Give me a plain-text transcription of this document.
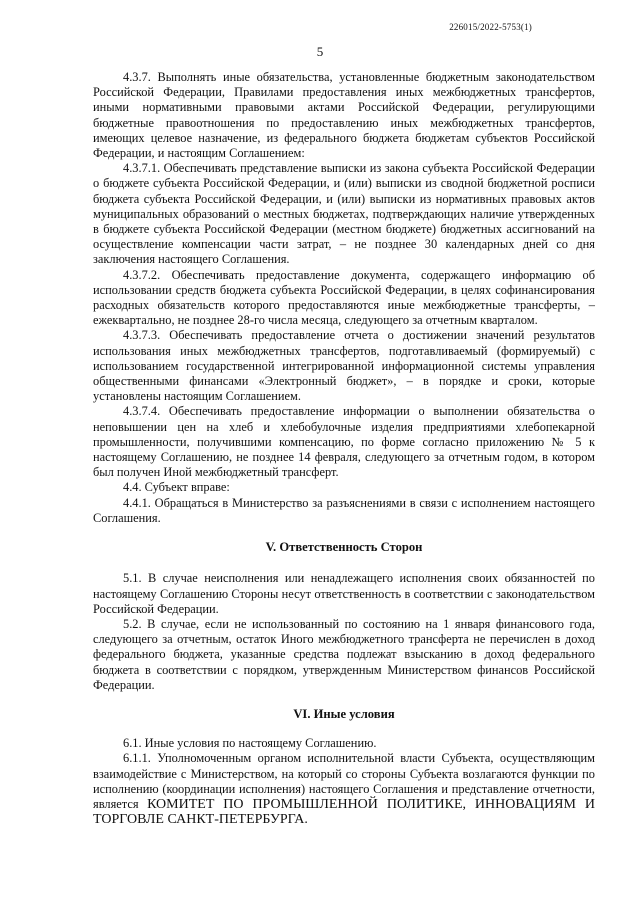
226015/2022-5753(1)
5

4.3.7. Выполнять иные обязательства, установленные бюджетным законодательством Российской Федерации, Правилами предоставления иных межбюджетных трансфертов, иными нормативными правовыми актами Российской Федерации, регулирующими бюджетные правоотношения по предоставлению иных межбюджетных трансфертов, имеющих целевое назначение, из федерального бюджета бюджетам субъектов Российской Федерации, и настоящим Соглашением:

4.3.7.1. Обеспечивать представление выписки из закона субъекта Российской Федерации о бюджете субъекта Российской Федерации, и (или) выписки из сводной бюджетной росписи бюджета субъекта Российской Федерации, и (или) выписки из нормативных правовых актов муниципальных образований о местных бюджетах, подтверждающих наличие утвержденных в бюджете субъекта Российской Федерации (местном бюджете) бюджетных ассигнований на осуществление компенсации части затрат, – не позднее 30 календарных дней со дня заключения настоящего Соглашения.

4.3.7.2. Обеспечивать предоставление документа, содержащего информацию об использовании средств бюджета субъекта Российской Федерации, в целях софинансирования расходных обязательств которого предоставляются иные межбюджетные трансферты, – ежеквартально, не позднее 28-го числа месяца, следующего за отчетным кварталом.

4.3.7.3. Обеспечивать предоставление отчета о достижении значений результатов использования иных межбюджетных трансфертов, подготавливаемый (формируемый) с использованием государственной интегрированной информационной системы управления общественными финансами «Электронный бюджет», – в порядке и сроки, которые установлены настоящим Соглашением.

4.3.7.4. Обеспечивать предоставление информации о выполнении обязательства о неповышении цен на хлеб и хлебобулочные изделия предприятиями хлебопекарной промышленности, получившими компенсацию, по форме согласно приложению № 5 к настоящему Соглашению, не позднее 14 февраля, следующего за отчетным годом, в котором был получен Иной межбюджетный трансферт.

4.4. Субъект вправе:

4.4.1. Обращаться в Министерство за разъяснениями в связи с исполнением настоящего Соглашения.

V. Ответственность Сторон

5.1. В случае неисполнения или ненадлежащего исполнения своих обязанностей по настоящему Соглашению Стороны несут ответственность в соответствии с законодательством Российской Федерации.

5.2. В случае, если не использованный по состоянию на 1 января финансового года, следующего за отчетным, остаток Иного межбюджетного трансферта не перечислен в доход федерального бюджета, указанные средства подлежат взысканию в доход федерального бюджета в соответствии с порядком, утвержденным Министерством финансов Российской Федерации.

VI. Иные условия

6.1. Иные условия по настоящему Соглашению.

6.1.1. Уполномоченным органом исполнительной власти Субъекта, осуществляющим взаимодействие с Министерством, на который со стороны Субъекта возлагаются функции по исполнению (координации исполнения) настоящего Соглашения и представление отчетности, является КОМИТЕТ ПО ПРОМЫШЛЕННОЙ ПОЛИТИКЕ, ИННОВАЦИЯМ И ТОРГОВЛЕ САНКТ-ПЕТЕРБУРГА.
